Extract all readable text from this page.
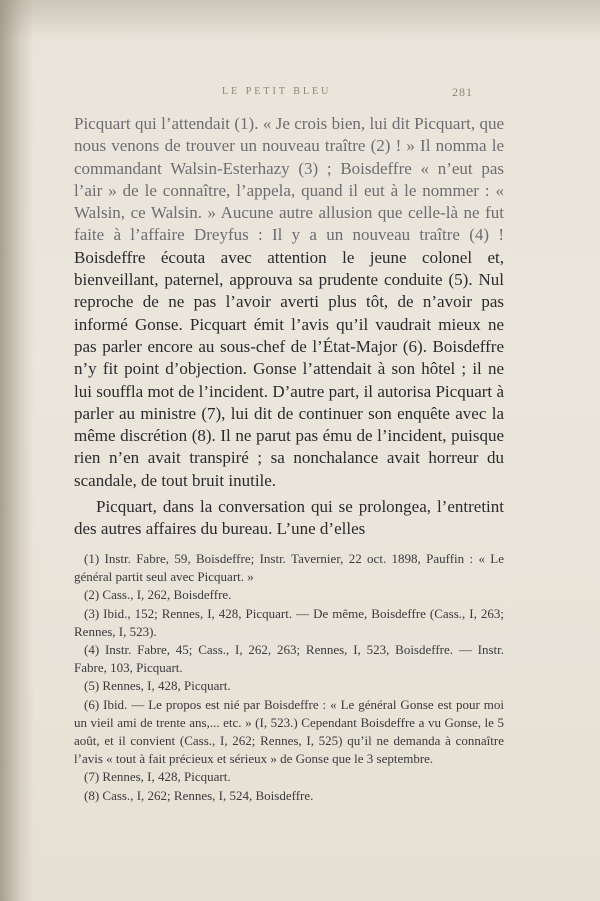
LE PETIT BLEU	281

Picquart qui l’attendait (1). « Je crois bien, lui dit Picquart, que nous venons de trouver un nouveau traître (2) ! » Il nomma le commandant Walsin-Esterhazy (3) ; Boisdeffre « n’eut pas l’air » de le connaître, l’appela, quand il eut à le nommer : « Walsin, ce Walsin. » Aucune autre allusion que celle-là ne fut faite à l’affaire Dreyfus : Il y a un nouveau traître (4) ! Boisdeffre écouta avec attention le jeune colonel et, bienveillant, paternel, approuva sa prudente conduite (5). Nul reproche de ne pas l’avoir averti plus tôt, de n’avoir pas informé Gonse. Picquart émit l’avis qu’il vaudrait mieux ne pas parler encore au sous-chef de l’État-Major (6). Boisdeffre n’y fit point d’objection. Gonse l’attendait à son hôtel ; il ne lui souffla mot de l’incident. D’autre part, il autorisa Picquart à parler au ministre (7), lui dit de continuer son enquête avec la même discrétion (8). Il ne parut pas ému de l’incident, puisque rien n’en avait transpiré ; sa nonchalance avait horreur du scandale, de tout bruit inutile.

Picquart, dans la conversation qui se prolongea, l’entretint des autres affaires du bureau. L’une d’elles

(1) Instr. Fabre, 59, Boisdeffre; Instr. Tavernier, 22 oct. 1898, Pauffin : « Le général partit seul avec Picquart. »

(2) Cass., I, 262, Boisdeffre.

(3) Ibid., 152; Rennes, I, 428, Picquart. — De même, Boisdeffre (Cass., I, 263; Rennes, I, 523).

(4) Instr. Fabre, 45; Cass., I, 262, 263; Rennes, I, 523, Boisdeffre. — Instr. Fabre, 103, Picquart.

(5) Rennes, I, 428, Picquart.

(6) Ibid. — Le propos est nié par Boisdeffre : « Le général Gonse est pour moi un vieil ami de trente ans,... etc. » (I, 523.) Cependant Boisdeffre a vu Gonse, le 5 août, et il convient (Cass., I, 262; Rennes, I, 525) qu’il ne demanda à connaître l’avis « tout à fait précieux et sérieux » de Gonse que le 3 septembre.

(7) Rennes, I, 428, Picquart.

(8) Cass., I, 262; Rennes, I, 524, Boisdeffre.
